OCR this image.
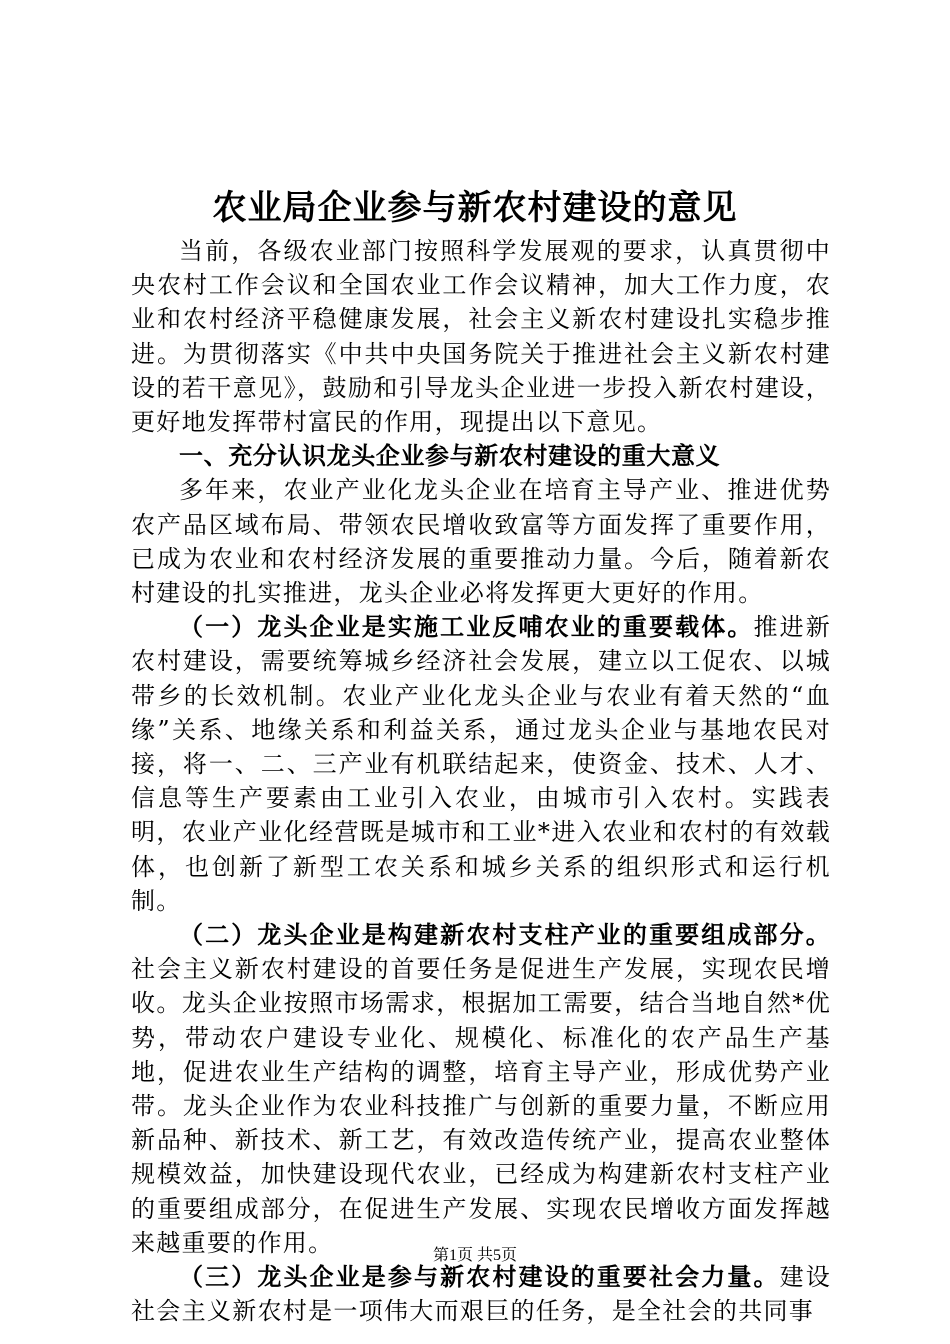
农业局企业参与新农村建设的意见

当前，各级农业部门按照科学发展观的要求，认真贯彻中央农村工作会议和全国农业工作会议精神，加大工作力度，农业和农村经济平稳健康发展，社会主义新农村建设扎实稳步推进。为贯彻落实《中共中央国务院关于推进社会主义新农村建设的若干意见》，鼓励和引导龙头企业进一步投入新农村建设，更好地发挥带村富民的作用，现提出以下意见。

一、充分认识龙头企业参与新农村建设的重大意义

多年来，农业产业化龙头企业在培育主导产业、推进优势农产品区域布局、带领农民增收致富等方面发挥了重要作用，已成为农业和农村经济发展的重要推动力量。今后，随着新农村建设的扎实推进，龙头企业必将发挥更大更好的作用。

（一）龙头企业是实施工业反哺农业的重要载体。推进新农村建设，需要统筹城乡经济社会发展，建立以工促农、以城带乡的长效机制。农业产业化龙头企业与农业有着天然的“血缘”关系、地缘关系和利益关系，通过龙头企业与基地农民对接，将一、二、三产业有机联结起来，使资金、技术、人才、信息等生产要素由工业引入农业，由城市引入农村。实践表明，农业产业化经营既是城市和工业*进入农业和农村的有效载体，也创新了新型工农关系和城乡关系的组织形式和运行机制。

（二）龙头企业是构建新农村支柱产业的重要组成部分。社会主义新农村建设的首要任务是促进生产发展，实现农民增收。龙头企业按照市场需求，根据加工需要，结合当地自然*优势，带动农户建设专业化、规模化、标准化的农产品生产基地，促进农业生产结构的调整，培育主导产业，形成优势产业带。龙头企业作为农业科技推广与创新的重要力量，不断应用新品种、新技术、新工艺，有效改造传统产业，提高农业整体规模效益，加快建设现代农业，已经成为构建新农村支柱产业的重要组成部分，在促进生产发展、实现农民增收方面发挥越来越重要的作用。

（三）龙头企业是参与新农村建设的重要社会力量。建设社会主义新农村是一项伟大而艰巨的任务，是全社会的共同事

第1页 共5页
